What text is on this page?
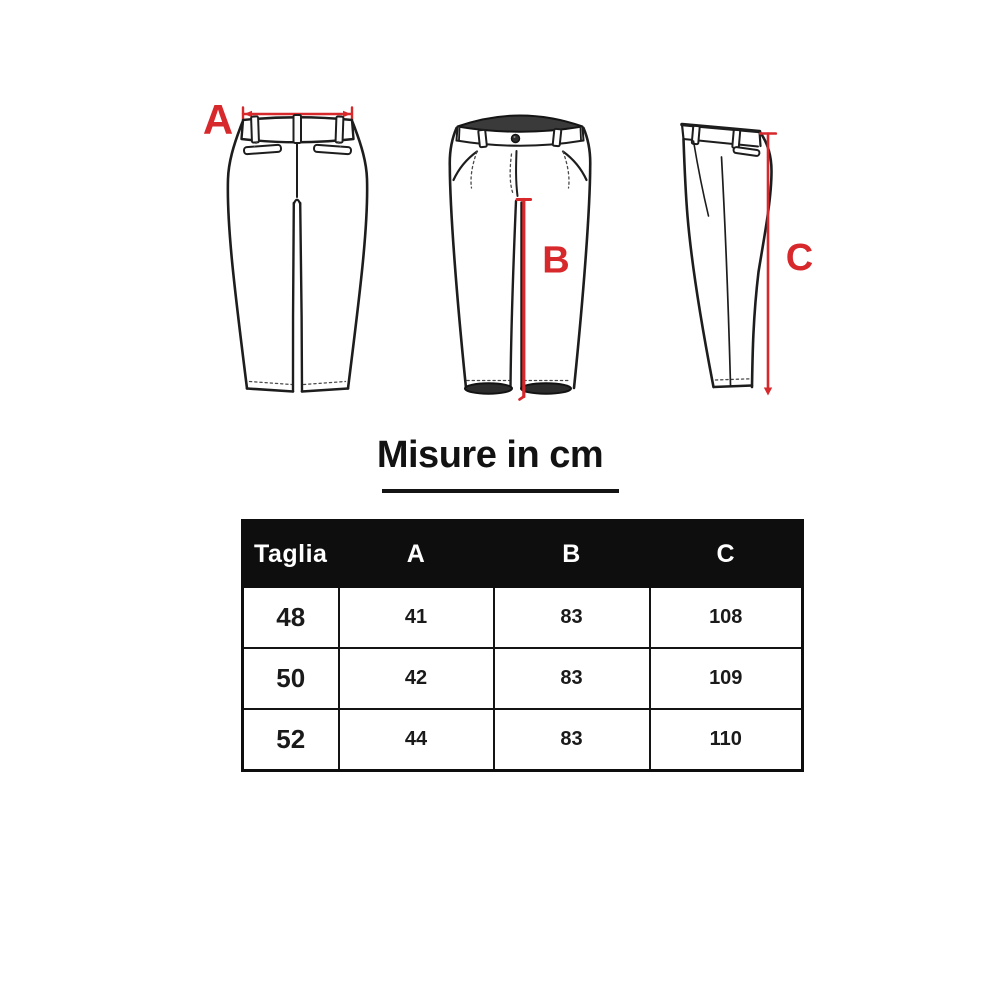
A
B	C
Misure in cm
Taglia	A	B	C
48	41	83	108
50	42	83	109
52	44	83	110
